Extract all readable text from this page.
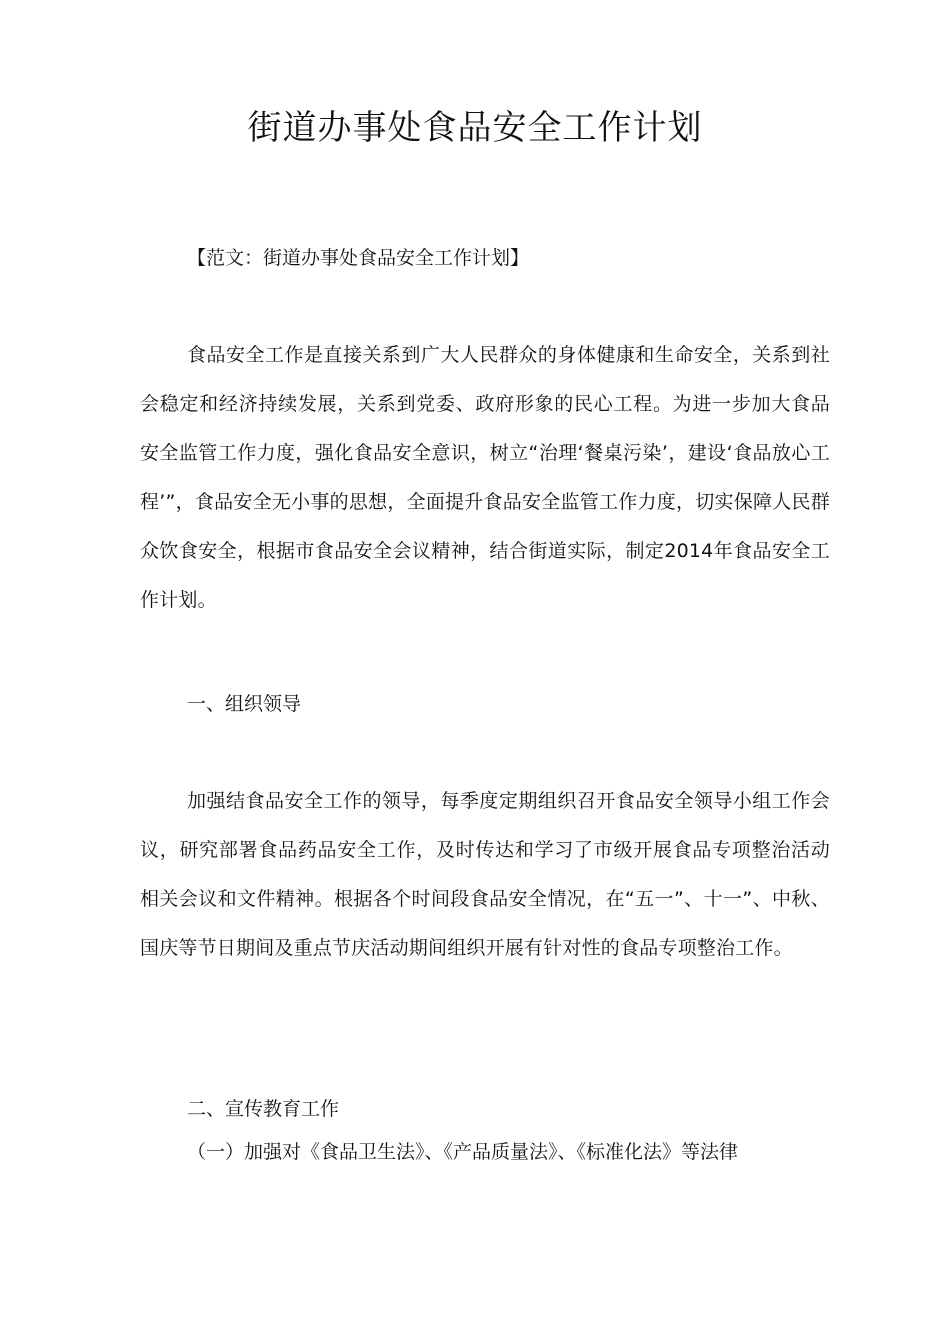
街道办事处食品安全工作计划

【范文：街道办事处食品安全工作计划】

食品安全工作是直接关系到广大人民群众的身体健康和生命安全，关系到社会稳定和经济持续发展，关系到党委、政府形象的民心工程。为进一步加大食品安全监管工作力度，强化食品安全意识，树立“治理‘餐桌污染’，建设‘食品放心工程’”，食品安全无小事的思想，全面提升食品安全监管工作力度，切实保障人民群众饮食安全，根据市食品安全会议精神，结合街道实际，制定2014年食品安全工作计划。

一、组织领导

加强结食品安全工作的领导，每季度定期组织召开食品安全领导小组工作会议，研究部署食品药品安全工作，及时传达和学习了市级开展食品专项整治活动相关会议和文件精神。根据各个时间段食品安全情况，在“五一”、十一”、中秋、国庆等节日期间及重点节庆活动期间组织开展有针对性的食品专项整治工作。

二、宣传教育工作

（一）加强对《食品卫生法》、《产品质量法》、《标准化法》等法律
